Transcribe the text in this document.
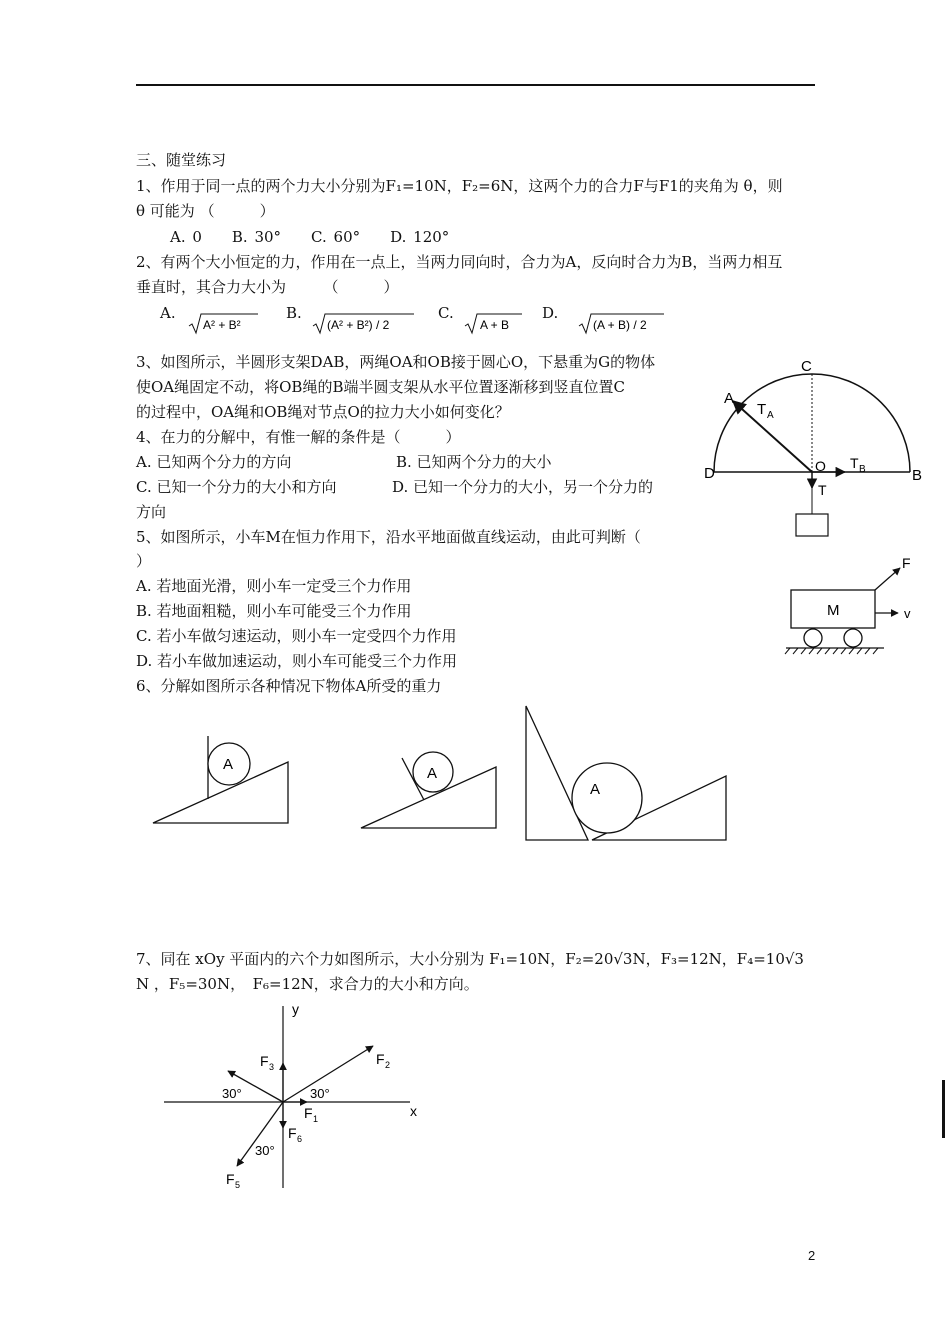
三、随堂练习
1、作用于同一点的两个力大小分别为F₁=10N，F₂=6N，这两个力的合力F与F1的夹角为 θ，则
θ 可能为 （　　　）
A. 0　　B. 30°　　C. 60°　　D. 120°
2、有两个大小恒定的力，作用在一点上，当两力同向时，合力为A，反向时合力为B，当两力相互
垂直时，其合力大小为　　　（　　　）
A.
A² + B²
B.
(A² + B²) / 2
C.
A + B
D.
(A + B) / 2
3、如图所示，半圆形支架DAB，两绳OA和OB接于圆心O，下悬重为G的物体
使OA绳固定不动，将OB绳的B端半圆支架从水平位置逐渐移到竖直位置C
的过程中，OA绳和OB绳对节点O的拉力大小如何变化？
4、在力的分解中，有惟一解的条件是（　　　）
A. 已知两个分力的方向	B. 已知两个分力的大小
C. 已知一个分力的大小和方向	D. 已知一个分力的大小，另一个分力的
方向
5、如图所示，小车M在恒力作用下，沿水平地面做直线运动，由此可判断（
）
A. 若地面光滑，则小车一定受三个力作用
B. 若地面粗糙，则小车可能受三个力作用
C. 若小车做匀速运动，则小车一定受四个力作用
D. 若小车做加速运动，则小车可能受三个力作用
6、分解如图所示各种情况下物体A所受的重力
7、同在 xOy 平面内的六个力如图所示，大小分别为 F₁=10N，F₂=20√3N，F₃=12N，F₄=10√3
N ，F₅=30N，　F₆=12N，求合力的大小和方向。
C
A
T A
D	O T B	B
T
M
F
v
A
A
A
y
x
F 2
F 3
F 1
F 6
F 5
30°	30°
30°
2
